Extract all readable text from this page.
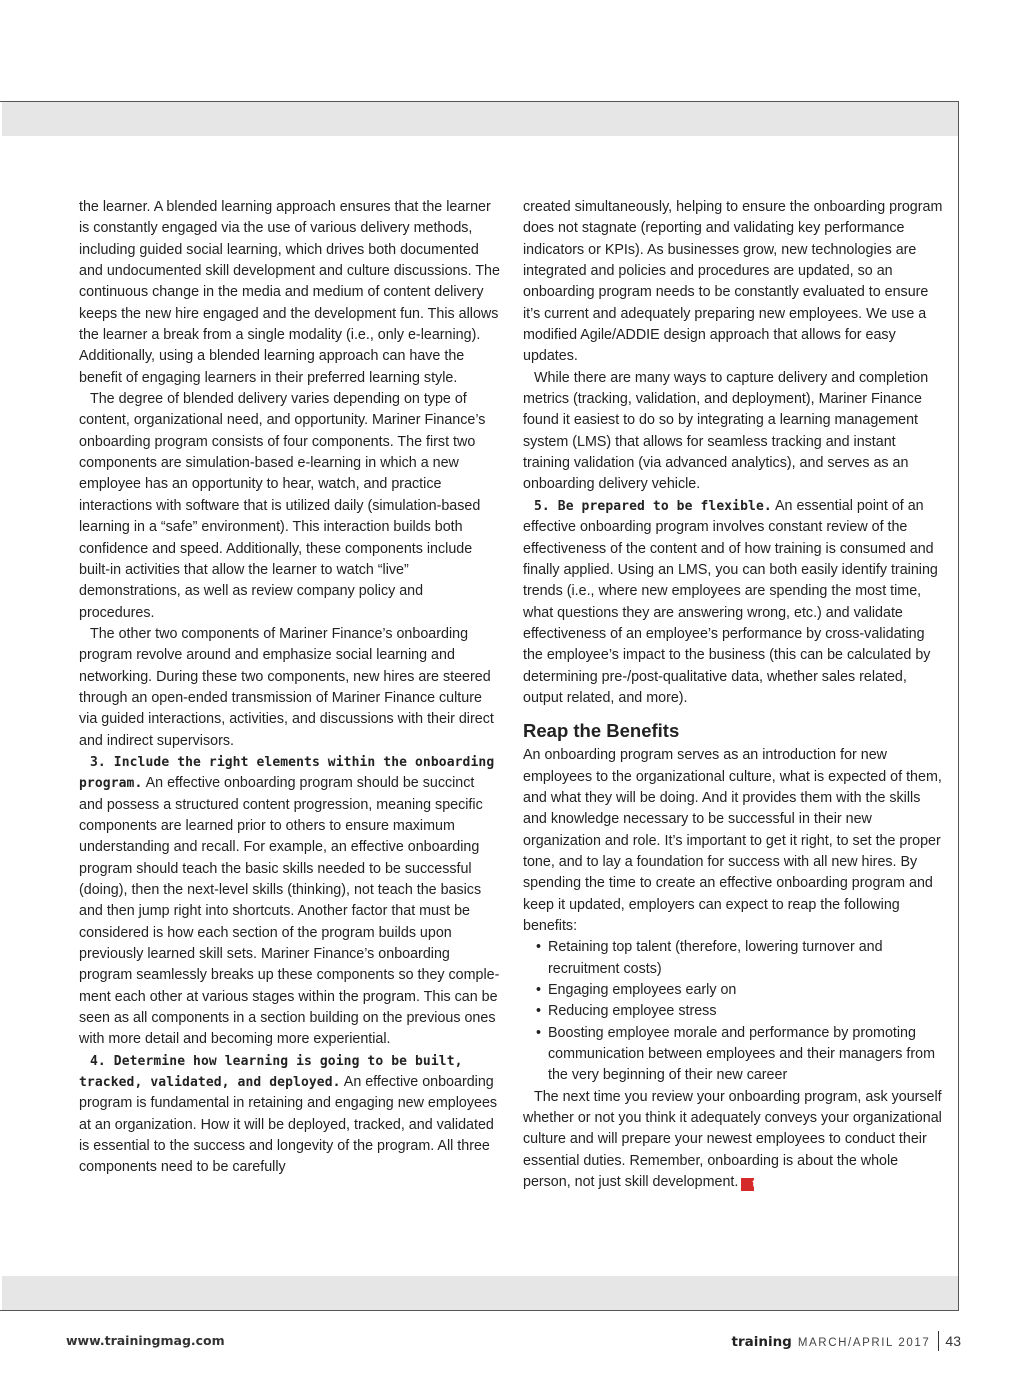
the learner. A blended learning approach ensures that the learner is constantly engaged via the use of various delivery methods, including guided social learning, which drives both documented and undocumented skill development and culture discussions. The continuous change in the media and medium of content delivery keeps the new hire engaged and the development fun. This allows the learner a break from a single modality (i.e., only e-learning). Additionally, using a blended learning approach can have the benefit of engaging learners in their preferred learning style.

The degree of blended delivery varies depending on type of content, organizational need, and opportunity. Mariner Finance’s onboarding program consists of four components. The first two components are simulation-based e-learning in which a new employee has an opportunity to hear, watch, and practice interactions with software that is utilized daily (simulation-based learning in a “safe” environment). This interaction builds both confidence and speed. Additionally, these components include built-in activities that allow the learner to watch “live” demonstrations, as well as review company policy and procedures.

The other two components of Mariner Finance’s onboarding program revolve around and emphasize social learning and networking. During these two components, new hires are steered through an open-ended transmission of Mariner Finance culture via guided interactions, activities, and discussions with their direct and indirect supervisors.

3. Include the right elements within the onboarding program. An effective onboarding program should be succinct and possess a structured content progression, meaning specific components are learned prior to others to ensure maximum understanding and recall. For example, an effective onboarding program should teach the basic skills needed to be successful (doing), then the next-level skills (thinking), not teach the basics and then jump right into shortcuts. Another factor that must be considered is how each section of the program builds upon previously learned skill sets. Mariner Finance’s onboarding program seamlessly breaks up these components so they complement each other at various stages within the program. This can be seen as all components in a section building on the previous ones with more detail and becoming more experiential.

4. Determine how learning is going to be built, tracked, validated, and deployed. An effective onboarding program is fundamental in retaining and engaging new employees at an organization. How it will be deployed, tracked, and validated is essential to the success and longevity of the program. All three components need to be carefully

created simultaneously, helping to ensure the onboarding program does not stagnate (reporting and validating key performance indicators or KPIs). As businesses grow, new technologies are integrated and policies and procedures are updated, so an onboarding program needs to be constantly evaluated to ensure it’s current and adequately preparing new employees. We use a modified Agile/ADDIE design approach that allows for easy updates.

While there are many ways to capture delivery and completion metrics (tracking, validation, and deployment), Mariner Finance found it easiest to do so by integrating a learning management system (LMS) that allows for seamless tracking and instant training validation (via advanced analytics), and serves as an onboarding delivery vehicle.

5. Be prepared to be flexible. An essential point of an effective onboarding program involves constant review of the effectiveness of the content and of how training is consumed and finally applied. Using an LMS, you can both easily identify training trends (i.e., where new employees are spending the most time, what questions they are answering wrong, etc.) and validate effectiveness of an employee’s performance by cross-validating the employee’s impact to the business (this can be calculated by determining pre-/post-qualitative data, whether sales related, output related, and more).

Reap the Benefits

An onboarding program serves as an introduction for new employees to the organizational culture, what is expected of them, and what they will be doing. And it provides them with the skills and knowledge necessary to be successful in their new organization and role. It’s important to get it right, to set the proper tone, and to lay a foundation for success with all new hires. By spending the time to create an effective onboarding program and keep it updated, employers can expect to reap the following benefits:

• Retaining top talent (therefore, lowering turnover and recruitment costs)
• Engaging employees early on
• Reducing employee stress
• Boosting employee morale and performance by promoting communication between employees and their managers from the very beginning of their new career

The next time you review your onboarding program, ask yourself whether or not you think it adequately conveys your organizational culture and will prepare your newest employees to conduct their essential duties. Remember, onboarding is about the whole person, not just skill development. t

www.trainingmag.com	training MARCH/APRIL 2017 43
